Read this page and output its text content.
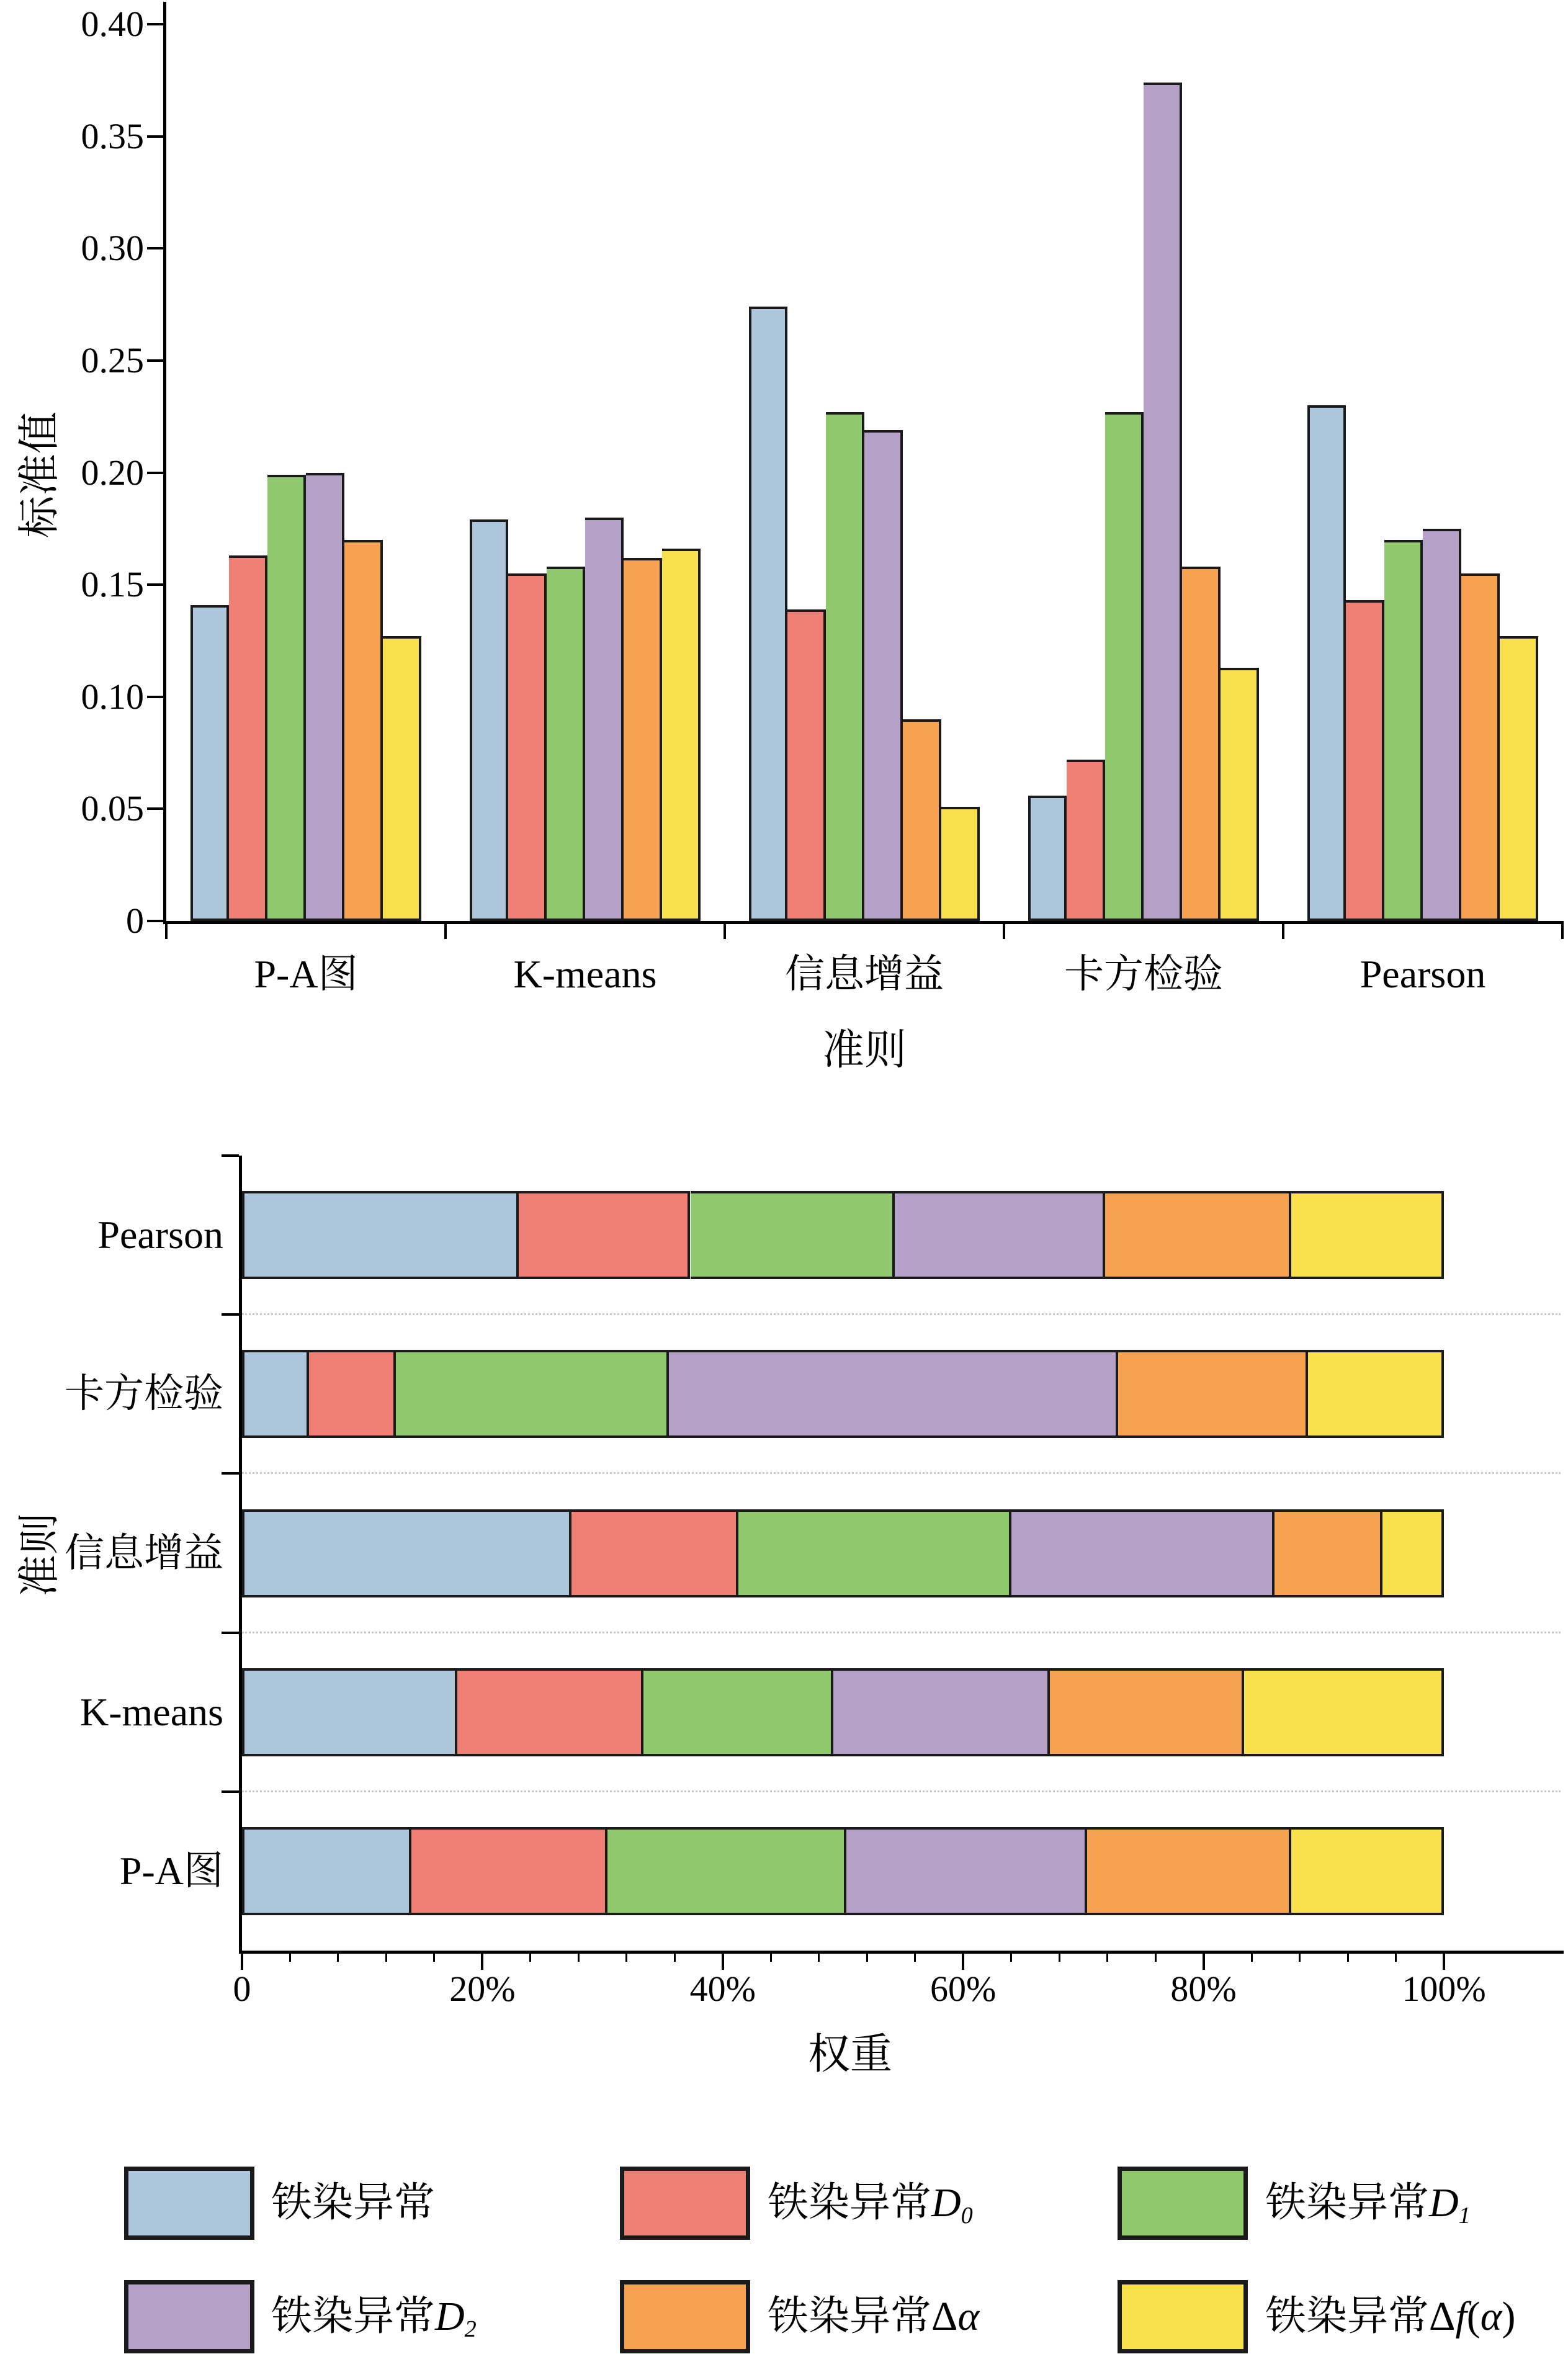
P-A图	K-means	信息增益	卡方检验	Pearson
0
0.05
0.10
0.15
0.20
0.25
0.30
0.35
0.40
Pearson
卡方检验
信息增益
K-means
P-A图
0	20%	40%	60%	80%	100%
铁染异常	铁染异常D0	铁染异常D1
铁染异常D2	铁染异常Δα	铁染异常Δf(α)
标准值
准则
准则
权重
